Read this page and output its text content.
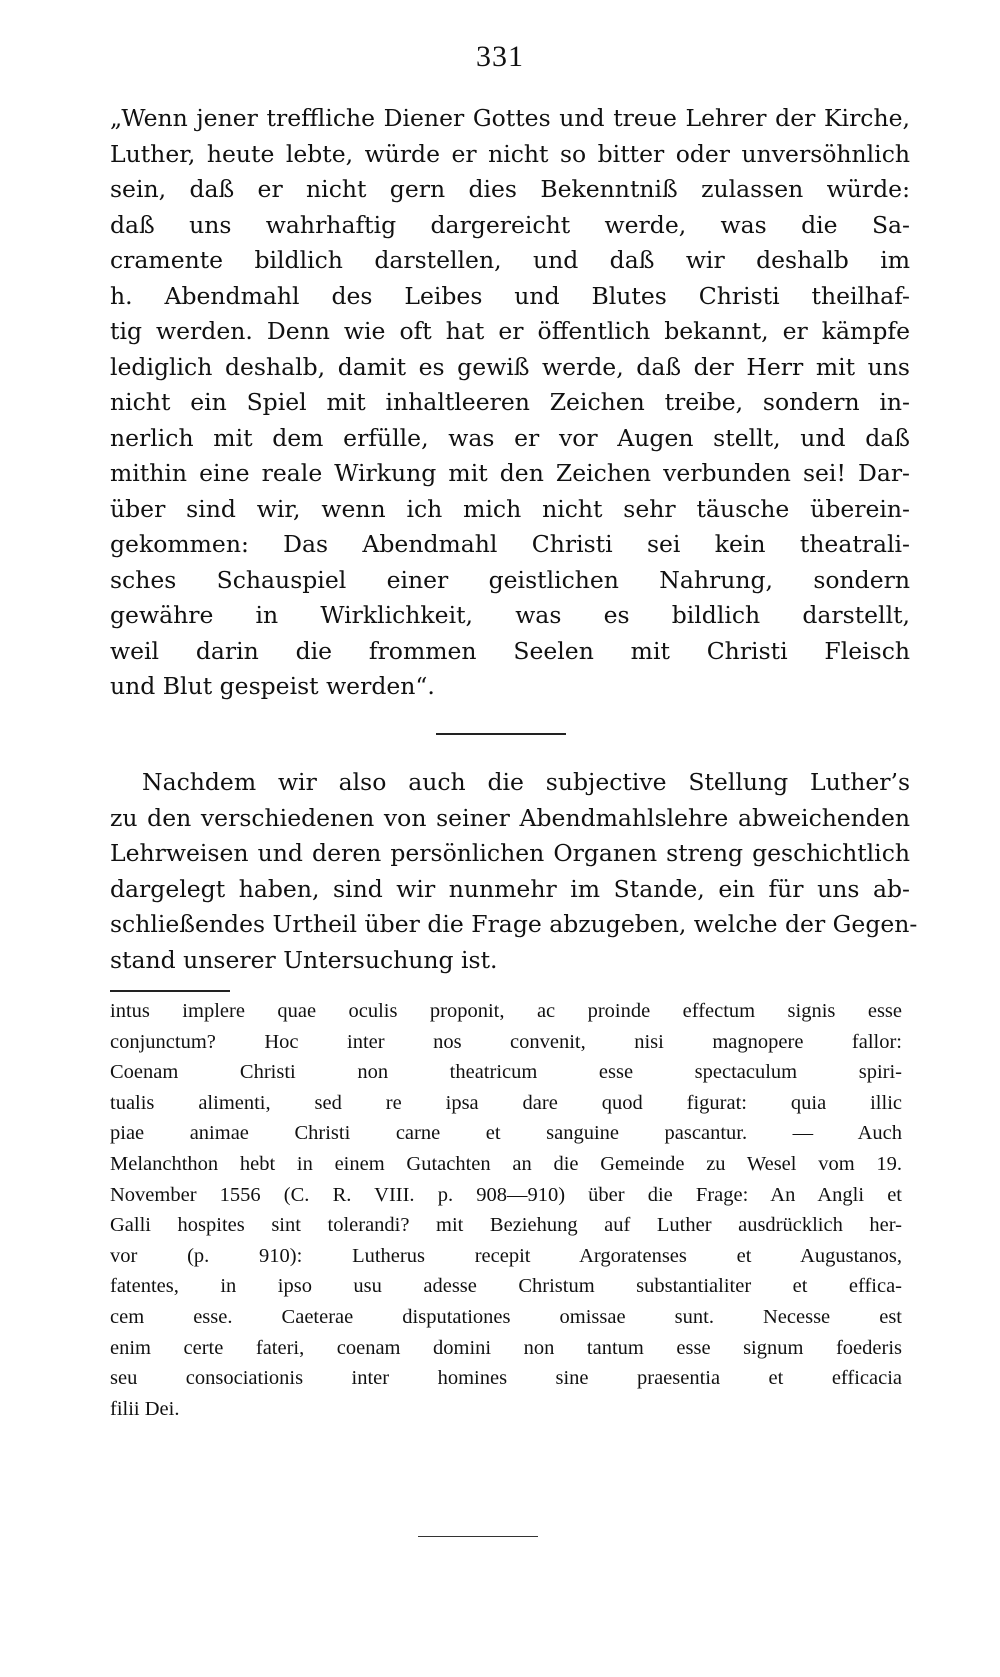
331
„Wenn jener treffliche Diener Gottes und treue Lehrer der Kirche,
Luther, heute lebte, würde er nicht so bitter oder unversöhnlich
sein, daß er nicht gern dies Bekenntniß zulassen würde:
daß uns wahrhaftig dargereicht werde, was die Sa-
cramente bildlich darstellen, und daß wir deshalb im
h. Abendmahl des Leibes und Blutes Christi theilhaf-
tig werden. Denn wie oft hat er öffentlich bekannt, er kämpfe
lediglich deshalb, damit es gewiß werde, daß der Herr mit uns
nicht ein Spiel mit inhaltleeren Zeichen treibe, sondern in-
nerlich mit dem erfülle, was er vor Augen stellt, und daß
mithin eine reale Wirkung mit den Zeichen verbunden sei! Dar-
über sind wir, wenn ich mich nicht sehr täusche überein-
gekommen: Das Abendmahl Christi sei kein theatrali-
sches Schauspiel einer geistlichen Nahrung, sondern
gewähre in Wirklichkeit, was es bildlich darstellt,
weil darin die frommen Seelen mit Christi Fleisch
und Blut gespeist werden“.
Nachdem wir also auch die subjective Stellung Luther’s
zu den verschiedenen von seiner Abendmahlslehre abweichenden
Lehrweisen und deren persönlichen Organen streng geschichtlich
dargelegt haben, sind wir nunmehr im Stande, ein für uns ab-
schließendes Urtheil über die Frage abzugeben, welche der Gegen-
stand unserer Untersuchung ist.
intus implere quae oculis proponit, ac proinde effectum signis esse
conjunctum? Hoc inter nos convenit, nisi magnopere fallor:
Coenam Christi non theatricum esse spectaculum spiri-
tualis alimenti, sed re ipsa dare quod figurat: quia illic
piae animae Christi carne et sanguine pascantur. — Auch
Melanchthon hebt in einem Gutachten an die Gemeinde zu Wesel vom 19.
November 1556 (C. R. VIII. p. 908—910) über die Frage: An Angli et
Galli hospites sint tolerandi? mit Beziehung auf Luther ausdrücklich her-
vor (p. 910): Lutherus recepit Argoratenses et Augustanos,
fatentes, in ipso usu adesse Christum substantialiter et effica-
cem esse. Caeterae disputationes omissae sunt. Necesse est
enim certe fateri, coenam domini non tantum esse signum foederis
seu consociationis inter homines sine praesentia et efficacia
filii Dei.
